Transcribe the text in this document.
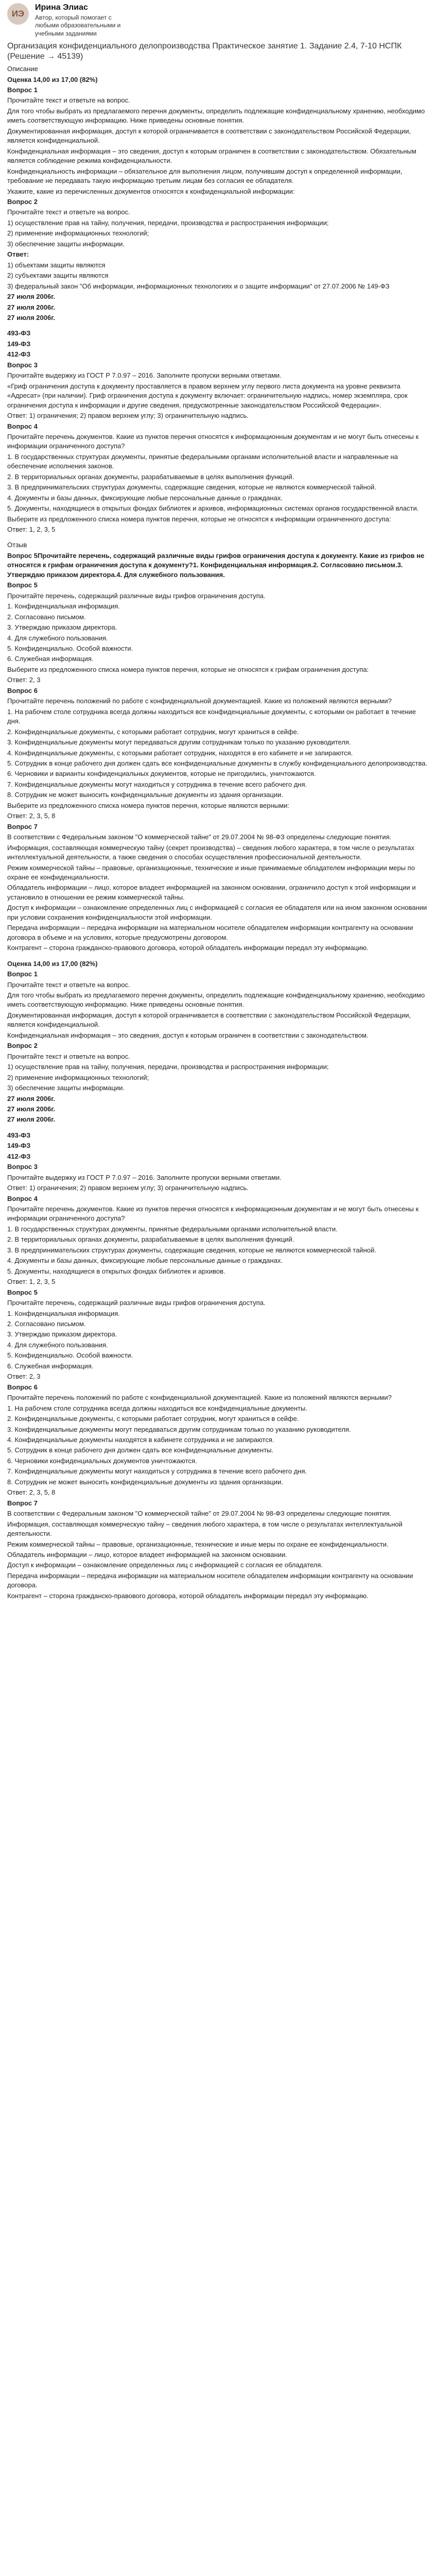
ИЭ
Ирина Элиас
Автор, который помогает с любыми образовательными и учебными заданиями
Организация конфиденциального делопроизводства Практическое занятие 1. Задание 2.4, 7-10 НСПК (Решение → 45139)
Описание
Оценка 14,00 из 17,00 (82%)
Вопрос 1
Прочитайте текст и ответьте на вопрос.
Для того чтобы выбрать из предлагаемого перечня документы, определить подлежащие конфиденциальному хранению, необходимо иметь соответствующую информацию. Ниже приведены основные понятия.
Документированная информация, доступ к которой ограничивается в соответствии с законодательством Российской Федерации, является конфиденциальной.
Конфиденциальная информация – это сведения, доступ к которым ограничен в соответствии с законодательством. Обязательным является соблюдение режима конфиденциальности.
Конфиденциальность информации – обязательное для выполнения лицом, получившим доступ к определенной информации, требование не передавать такую информацию третьим лицам без согласия ее обладателя.
Укажите, какие из перечисленных документов относятся к конфиденциальной информации:
Вопрос 2
Прочитайте текст и ответьте на вопрос.
1) осуществление прав на тайну, получения, передачи, производства и распространения информации;
2) применение информационных технологий;
3) обеспечение защиты информации.
Ответ:
1) объектами защиты являются
2) субъектами защиты являются
3) федеральный закон "Об информации, информационных технологиях и о защите информации" от 27.07.2006 № 149-ФЗ
27 июля 2006г.
27 июля 2006г.
27 июля 2006г.
493-ФЗ
149-ФЗ
412-ФЗ
Вопрос 3
Прочитайте выдержку из ГОСТ Р 7.0.97 – 2016. Заполните пропуски верными ответами.
«Гриф ограничения доступа к документу проставляется в правом верхнем углу первого листа документа на уровне реквизита «Адресат» (при наличии). Гриф ограничения доступа к документу включает: ограничительную надпись, номер экземпляра, срок ограничения доступа к информации и другие сведения, предусмотренные законодательством Российской Федерации».
Ответ: 1) ограничения; 2) правом верхнем углу; 3) ограничительную надпись.
Вопрос 4
Прочитайте перечень документов. Какие из пунктов перечня относятся к информационным документам и не могут быть отнесены к информации ограниченного доступа?
1. В государственных структурах документы, принятые федеральными органами исполнительной власти и направленные на обеспечение исполнения законов.
2. В территориальных органах документы, разрабатываемые в целях выполнения функций.
3. В предпринимательских структурах документы, содержащие сведения, которые не являются коммерческой тайной.
4. Документы и базы данных, фиксирующие любые персональные данные о гражданах.
5. Документы, находящиеся в открытых фондах библиотек и архивов, информационных системах органов государственной власти.
Выберите из предложенного списка номера пунктов перечня, которые не относятся к информации ограниченного доступа:
Ответ: 1, 2, 3, 5
Отзыв
Вопрос 5Прочитайте перечень, содержащий различные виды грифов ограничения доступа к документу. Какие из грифов не относятся к грифам ограничения доступа к документу?1. Конфиденциальная информация.2. Согласовано письмом.3. Утверждаю приказом директора.4. Для служебного пользования.
Вопрос 5
Прочитайте перечень, содержащий различные виды грифов ограничения доступа.
1. Конфиденциальная информация.
2. Согласовано письмом.
3. Утверждаю приказом директора.
4. Для служебного пользования.
5. Конфиденциально. Особой важности.
6. Служебная информация.
Выберите из предложенного списка номера пунктов перечня, которые не относятся к грифам ограничения доступа:
Ответ: 2, 3
Вопрос 6
Прочитайте перечень положений по работе с конфиденциальной документацией. Какие из положений являются верными?
1. На рабочем столе сотрудника всегда должны находиться все конфиденциальные документы, с которыми он работает в течение дня.
2. Конфиденциальные документы, с которыми работает сотрудник, могут храниться в сейфе.
3. Конфиденциальные документы могут передаваться другим сотрудникам только по указанию руководителя.
4. Конфиденциальные документы, с которыми работает сотрудник, находятся в его кабинете и не запираются.
5. Сотрудник в конце рабочего дня должен сдать все конфиденциальные документы в службу конфиденциального делопроизводства.
6. Черновики и варианты конфиденциальных документов, которые не пригодились, уничтожаются.
7. Конфиденциальные документы могут находиться у сотрудника в течение всего рабочего дня.
8. Сотрудник не может выносить конфиденциальные документы из здания организации.
Выберите из предложенного списка номера пунктов перечня, которые являются верными:
Ответ: 2, 3, 5, 8
Вопрос 7
В соответствии с Федеральным законом "О коммерческой тайне" от 29.07.2004 № 98-ФЗ определены следующие понятия.
Информация, составляющая коммерческую тайну (секрет производства) – сведения любого характера, в том числе о результатах интеллектуальной деятельности, а также сведения о способах осуществления профессиональной деятельности.
Режим коммерческой тайны – правовые, организационные, технические и иные принимаемые обладателем информации меры по охране ее конфиденциальности.
Обладатель информации – лицо, которое владеет информацией на законном основании, ограничило доступ к этой информации и установило в отношении ее режим коммерческой тайны.
Доступ к информации – ознакомление определенных лиц с информацией с согласия ее обладателя или на ином законном основании при условии сохранения конфиденциальности этой информации.
Передача информации – передача информации на материальном носителе обладателем информации контрагенту на основании договора в объеме и на условиях, которые предусмотрены договором.
Контрагент – сторона гражданско-правового договора, которой обладатель информации передал эту информацию.
Оценка 14,00 из 17,00 (82%)
Вопрос 1
Прочитайте текст и ответьте на вопрос.
Для того чтобы выбрать из предлагаемого перечня документы, определить подлежащие конфиденциальному хранению, необходимо иметь соответствующую информацию. Ниже приведены основные понятия.
Документированная информация, доступ к которой ограничивается в соответствии с законодательством Российской Федерации, является конфиденциальной.
Конфиденциальная информация – это сведения, доступ к которым ограничен в соответствии с законодательством.
Вопрос 2
Прочитайте текст и ответьте на вопрос.
1) осуществление прав на тайну, получения, передачи, производства и распространения информации;
2) применение информационных технологий;
3) обеспечение защиты информации.
27 июля 2006г.
27 июля 2006г.
27 июля 2006г.
493-ФЗ
149-ФЗ
412-ФЗ
Вопрос 3
Прочитайте выдержку из ГОСТ Р 7.0.97 – 2016. Заполните пропуски верными ответами.
Ответ: 1) ограничения; 2) правом верхнем углу; 3) ограничительную надпись.
Вопрос 4
Прочитайте перечень документов. Какие из пунктов перечня относятся к информационным документам и не могут быть отнесены к информации ограниченного доступа?
1. В государственных структурах документы, принятые федеральными органами исполнительной власти.
2. В территориальных органах документы, разрабатываемые в целях выполнения функций.
3. В предпринимательских структурах документы, содержащие сведения, которые не являются коммерческой тайной.
4. Документы и базы данных, фиксирующие любые персональные данные о гражданах.
5. Документы, находящиеся в открытых фондах библиотек и архивов.
Ответ: 1, 2, 3, 5
Вопрос 5
Прочитайте перечень, содержащий различные виды грифов ограничения доступа.
1. Конфиденциальная информация.
2. Согласовано письмом.
3. Утверждаю приказом директора.
4. Для служебного пользования.
5. Конфиденциально. Особой важности.
6. Служебная информация.
Ответ: 2, 3
Вопрос 6
Прочитайте перечень положений по работе с конфиденциальной документацией. Какие из положений являются верными?
1. На рабочем столе сотрудника всегда должны находиться все конфиденциальные документы.
2. Конфиденциальные документы, с которыми работает сотрудник, могут храниться в сейфе.
3. Конфиденциальные документы могут передаваться другим сотрудникам только по указанию руководителя.
4. Конфиденциальные документы находятся в кабинете сотрудника и не запираются.
5. Сотрудник в конце рабочего дня должен сдать все конфиденциальные документы.
6. Черновики конфиденциальных документов уничтожаются.
7. Конфиденциальные документы могут находиться у сотрудника в течение всего рабочего дня.
8. Сотрудник не может выносить конфиденциальные документы из здания организации.
Ответ: 2, 3, 5, 8
Вопрос 7
В соответствии с Федеральным законом "О коммерческой тайне" от 29.07.2004 № 98-ФЗ определены следующие понятия.
Информация, составляющая коммерческую тайну – сведения любого характера, в том числе о результатах интеллектуальной деятельности.
Режим коммерческой тайны – правовые, организационные, технические и иные меры по охране ее конфиденциальности.
Обладатель информации – лицо, которое владеет информацией на законном основании.
Доступ к информации – ознакомление определенных лиц с информацией с согласия ее обладателя.
Передача информации – передача информации на материальном носителе обладателем информации контрагенту на основании договора.
Контрагент – сторона гражданско-правового договора, которой обладатель информации передал эту информацию.
